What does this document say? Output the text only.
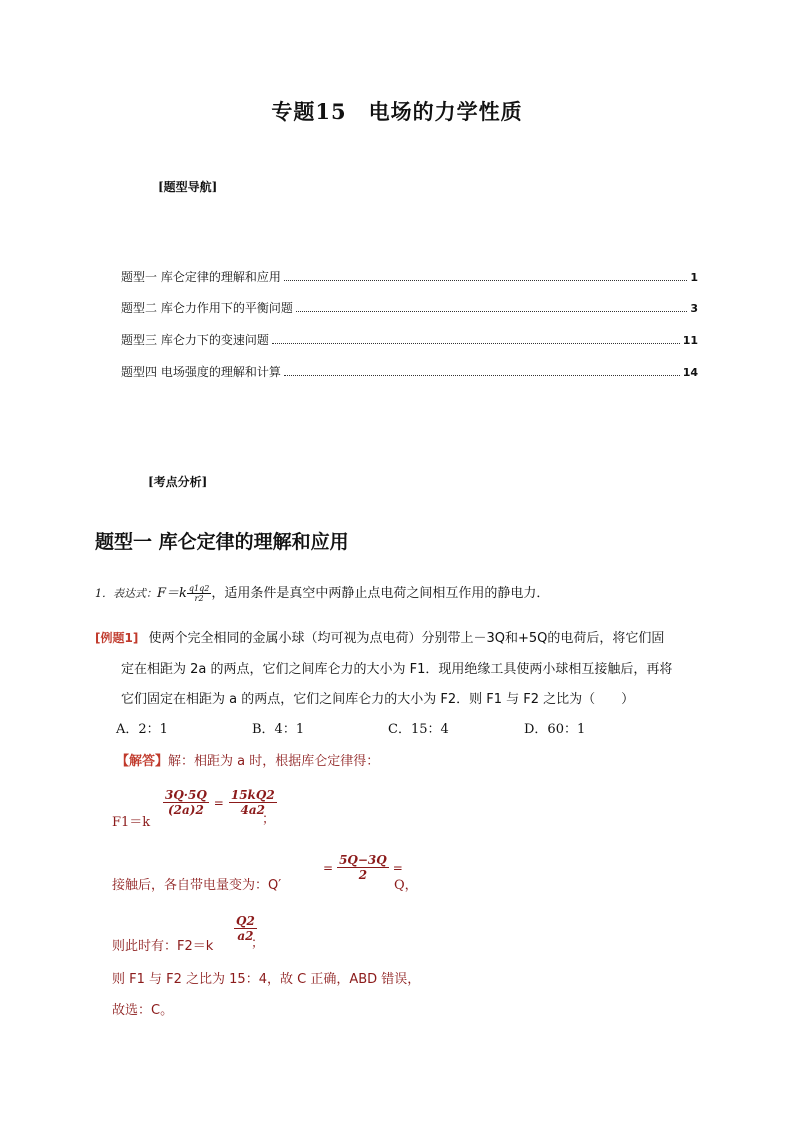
专题15　电场的力学性质
[题型导航]
题型一 库仑定律的理解和应用	1
题型二 库仑力作用下的平衡问题	3
题型三 库仑力下的变速问题	11
题型四 电场强度的理解和计算	14
[考点分析]
题型一 库仑定律的理解和应用
1．表达式：$F=k \frac{q1q2}{r2}$ ，适用条件是真空中两静止点电荷之间相互作用的静电力．
[例题1] 使两个完全相同的金属小球（均可视为点电荷）分别带上－3Q和+5Q的电荷后，将它们固
定在相距为 2a 的两点，它们之间库仑力的大小为 F1．现用绝缘工具使两小球相互接触后，再将
它们固定在相距为 a 的两点，它们之间库仑力的大小为 F2．则 F1 与 F2 之比为（　　）
A．2：1	B．4：1	C．15：4	D．60：1
【解答】解：相距为 a 时，根据库仑定律得：
F1＝k
$\frac{3Q\cdot 5Q}{(2a)2} = \frac{15kQ2}{4a2}$
；
接触后，各自带电量变为：Q′
= $\frac{5Q-3Q}{2}$ =
Q，
则此时有：F2＝k
$\frac{Q2}{a2}$
；
则 F1 与 F2 之比为 15：4，故 C 正确，ABD 错误，
故选：C。
